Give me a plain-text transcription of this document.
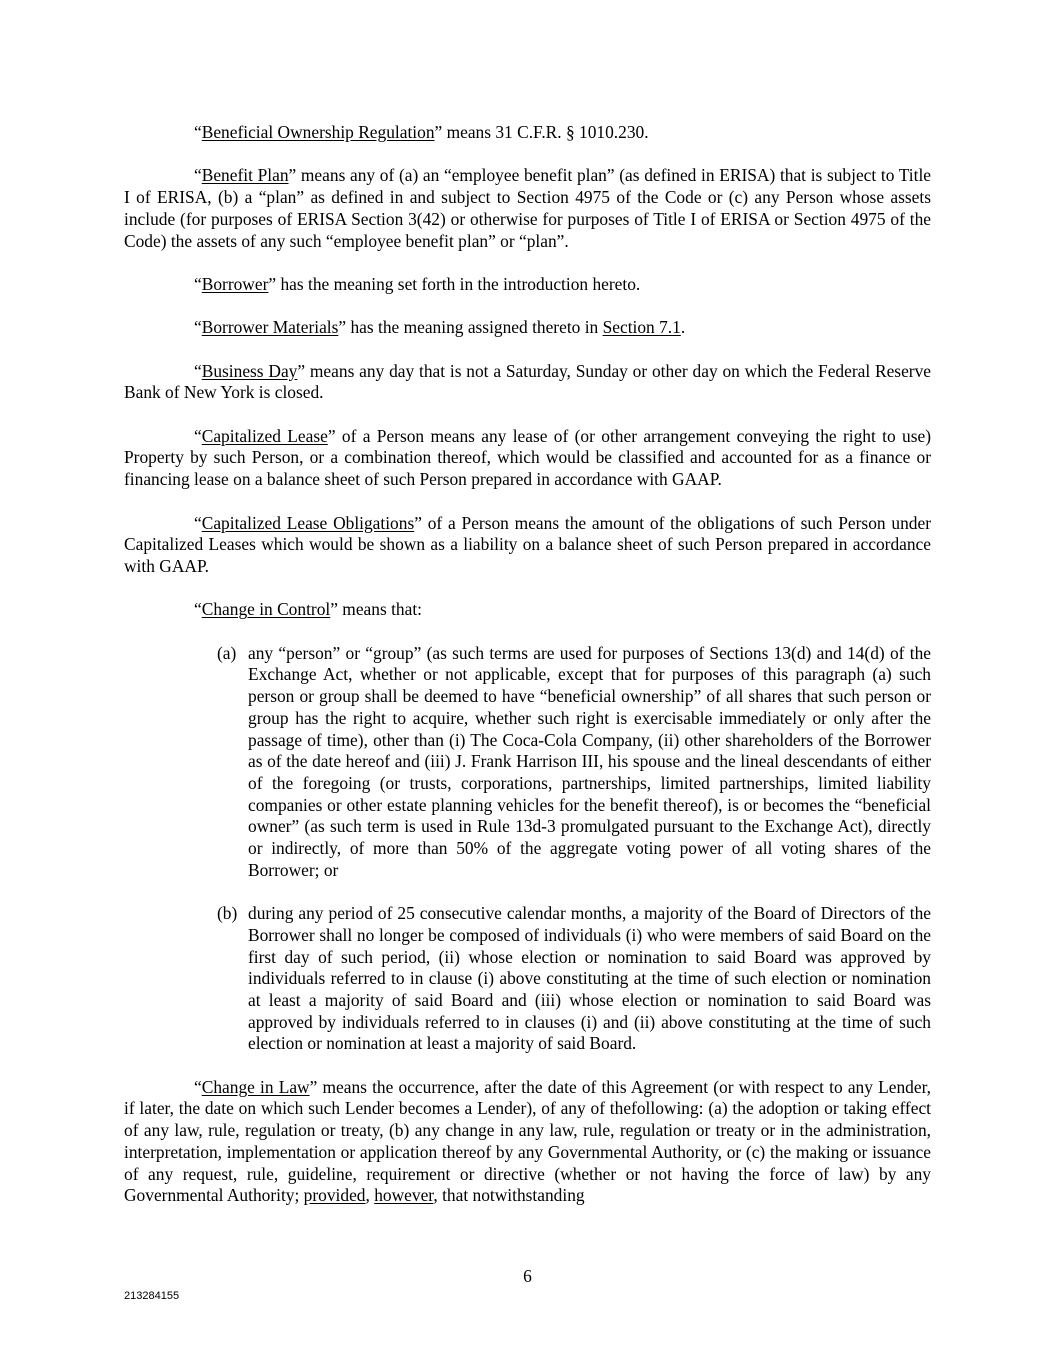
“Beneficial Ownership Regulation” means 31 C.F.R. § 1010.230.

“Benefit Plan” means any of (a) an “employee benefit plan” (as defined in ERISA) that is subject to Title I of ERISA, (b) a “plan” as defined in and subject to Section 4975 of the Code or (c) any Person whose assets include (for purposes of ERISA Section 3(42) or otherwise for purposes of Title I of ERISA or Section 4975 of the Code) the assets of any such “employee benefit plan” or “plan”.

“Borrower” has the meaning set forth in the introduction hereto.

“Borrower Materials” has the meaning assigned thereto in Section 7.1.

“Business Day” means any day that is not a Saturday, Sunday or other day on which the Federal Reserve Bank of New York is closed.

“Capitalized Lease” of a Person means any lease of (or other arrangement conveying the right to use) Property by such Person, or a combination thereof, which would be classified and accounted for as a finance or financing lease on a balance sheet of such Person prepared in accordance with GAAP.

“Capitalized Lease Obligations” of a Person means the amount of the obligations of such Person under Capitalized Leases which would be shown as a liability on a balance sheet of such Person prepared in accordance with GAAP.

“Change in Control” means that:

(a) any “person” or “group” (as such terms are used for purposes of Sections 13(d) and 14(d) of the Exchange Act, whether or not applicable, except that for purposes of this paragraph (a) such person or group shall be deemed to have “beneficial ownership” of all shares that such person or group has the right to acquire, whether such right is exercisable immediately or only after the passage of time), other than (i) The Coca-Cola Company, (ii) other shareholders of the Borrower as of the date hereof and (iii) J. Frank Harrison III, his spouse and the lineal descendants of either of the foregoing (or trusts, corporations, partnerships, limited partnerships, limited liability companies or other estate planning vehicles for the benefit thereof), is or becomes the “beneficial owner” (as such term is used in Rule 13d-3 promulgated pursuant to the Exchange Act), directly or indirectly, of more than 50% of the aggregate voting power of all voting shares of the Borrower; or

(b) during any period of 25 consecutive calendar months, a majority of the Board of Directors of the Borrower shall no longer be composed of individuals (i) who were members of said Board on the first day of such period, (ii) whose election or nomination to said Board was approved by individuals referred to in clause (i) above constituting at the time of such election or nomination at least a majority of said Board and (iii) whose election or nomination to said Board was approved by individuals referred to in clauses (i) and (ii) above constituting at the time of such election or nomination at least a majority of said Board.

“Change in Law” means the occurrence, after the date of this Agreement (or with respect to any Lender, if later, the date on which such Lender becomes a Lender), of any of thefollowing: (a) the adoption or taking effect of any law, rule, regulation or treaty, (b) any change in any law, rule, regulation or treaty or in the administration, interpretation, implementation or application thereof by any Governmental Authority, or (c) the making or issuance of any request, rule, guideline, requirement or directive (whether or not having the force of law) by any Governmental Authority; provided, however, that notwithstanding

6
213284155
